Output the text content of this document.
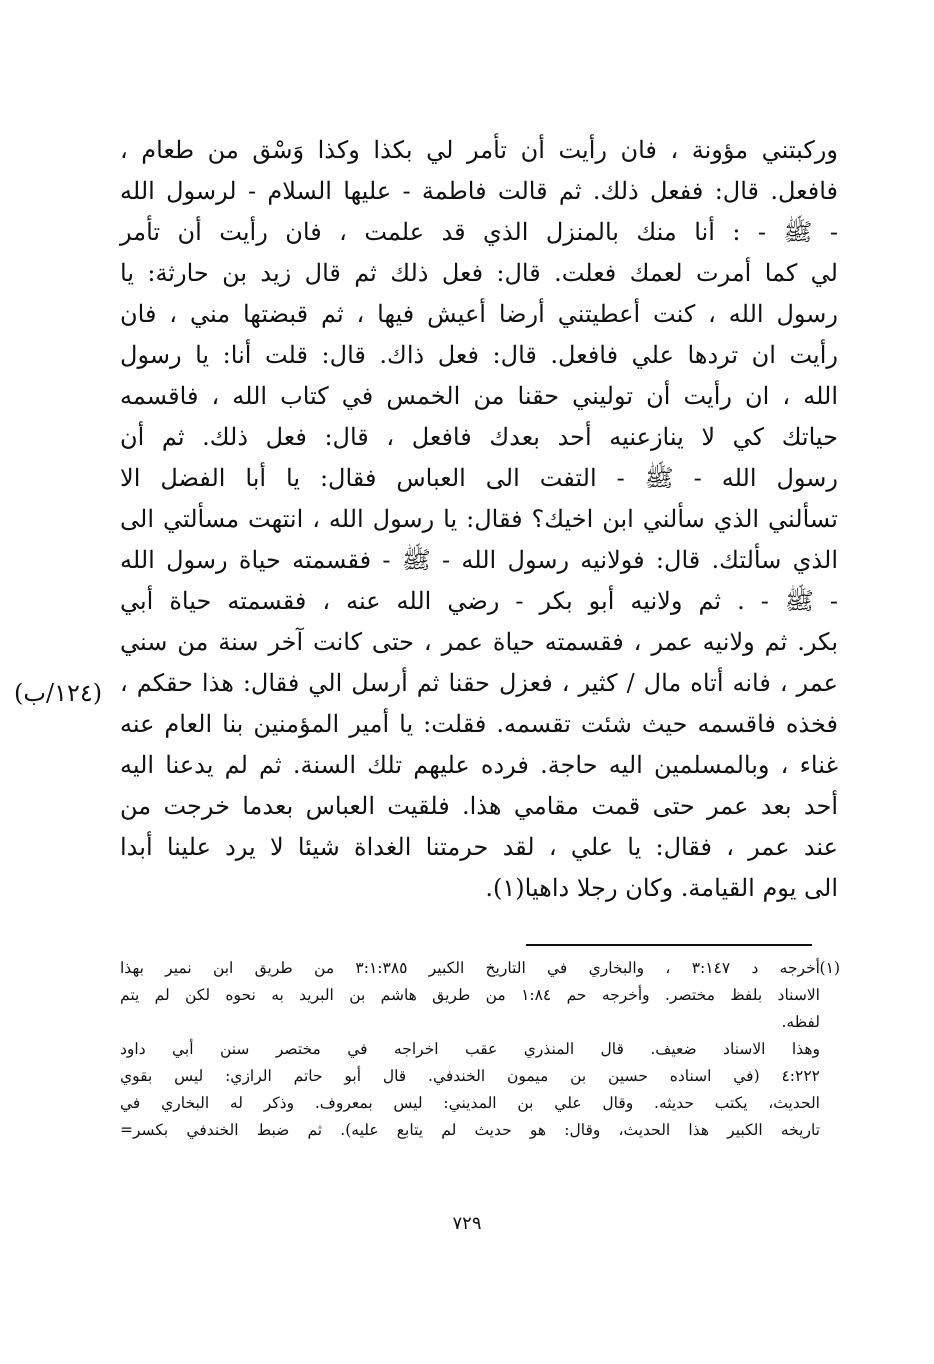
ورکبتني مؤونة ، فان رأيت أن تأمر لي بكذا وكذا وَسْق من طعام ،
فافعل. قال: ففعل ذلك. ثم قالت فاطمة - عليها السلام - لرسول الله
- ﷺ - : أنا منك بالمنزل الذي قد علمت ، فان رأيت أن تأمر
لي كما أمرت لعمك فعلت. قال: فعل ذلك ثم قال زيد بن حارثة: يا
رسول الله ، كنت أعطيتني أرضا أعيش فيها ، ثم قبضتها مني ، فان
رأيت ان تردها علي فافعل. قال: فعل ذاك. قال: قلت أنا: يا رسول
الله ، ان رأيت أن توليني حقنا من الخمس في كتاب الله ، فاقسمه
حياتك كي لا ينازعنيه أحد بعدك فافعل ، قال: فعل ذلك. ثم أن
رسول الله - ﷺ - التفت الى العباس فقال: يا أبا الفضل الا
تسألني الذي سألني ابن اخيك؟ فقال: يا رسول الله ، انتهت مسألتي الى
الذي سألتك. قال: فولانيه رسول الله - ﷺ - فقسمته حياة رسول الله
- ﷺ - . ثم ولانيه أبو بكر - رضي الله عنه ، فقسمته حياة أبي
بكر. ثم ولانيه عمر ، فقسمته حياة عمر ، حتى كانت آخر سنة من سني
عمر ، فانه أتاه مال / كثير ، فعزل حقنا ثم أرسل الي فقال: هذا حقكم ،
فخذه فاقسمه حيث شئت تقسمه. فقلت: يا أمير المؤمنين بنا العام عنه
غناء ، وبالمسلمين اليه حاجة. فرده عليهم تلك السنة. ثم لم يدعنا اليه
أحد بعد عمر حتى قمت مقامي هذا. فلقيت العباس بعدما خرجت من
عند عمر ، فقال: يا علي ، لقد حرمتنا الغداة شيئا لا يرد علينا أبدا
الى يوم القيامة. وكان رجلا داهيا(١).
(١٢٤/ب)
(١)
أخرجه د ٣:١٤٧ ، والبخاري في التاريخ الكبير ٣:١:٣٨٥ من طريق ابن نمير بهذا
الاسناد بلفظ مختصر. وأخرجه حم ١:٨٤ من طريق هاشم بن البريد به نحوه لكن لم يتم
لفظه.
وهذا الاسناد ضعيف. قال المنذري عقب اخراجه في مختصر سنن أبي داود
٤:٢٢٢ (في اسناده حسين بن ميمون الخندفي. قال أبو حاتم الرازي: ليس بقوي
الحديث، يكتب حديثه. وقال علي بن المديني: ليس بمعروف. وذكر له البخاري في
تاريخه الكبير هذا الحديث، وقال: هو حديث لم يتابع عليه). ثم ضبط الخندفي بكسر=
٧٢٩
